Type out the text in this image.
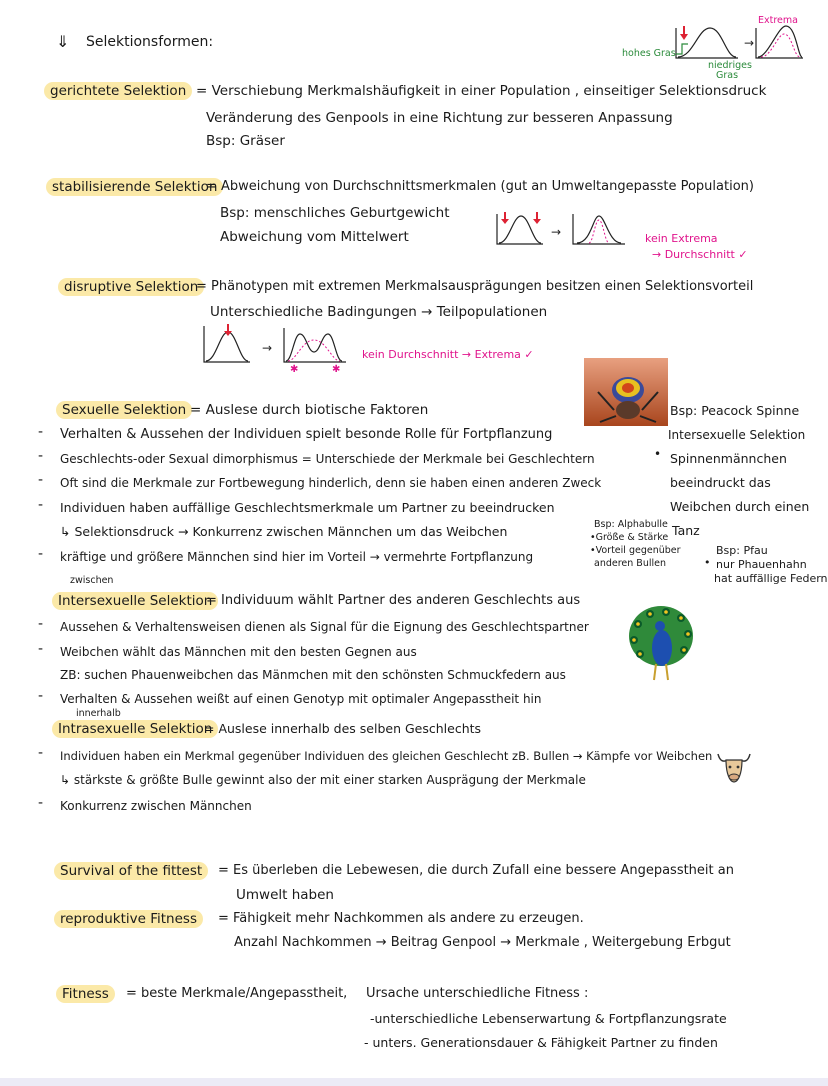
⇓ Selektionsformen:
hohes Gras
niedriges
Gras
Extrema
→
gerichtete Selektion = Verschiebung Merkmalshäufigkeit in einer Population , einseitiger Selektionsdruck
Veränderung des Genpools in eine Richtung zur besseren Anpassung
Bsp: Gräser
stabilisierende Selektion
= Abweichung von Durchschnittsmerkmalen (gut an Umweltangepasste Population)
Bsp: menschliches Geburtgewicht
Abweichung vom Mittelwert	→	kein Extrema
→ Durchschnitt ✓
disruptive Selektion
= Phänotypen mit extremen Merkmalsausprägungen besitzen einen Selektionsvorteil
Unterschiedliche Badingungen → Teilpopulationen
→
✱	✱
kein Durchschnitt → Extrema ✓
Sexuelle Selektion = Auslese durch biotische Faktoren
- Verhalten & Aussehen der Individuen spielt besonde Rolle für Fortpflanzung
- Geschlechts-oder Sexual dimorphismus = Unterschiede der Merkmale bei Geschlechtern
- Oft sind die Merkmale zur Fortbewegung hinderlich, denn sie haben einen anderen Zweck
- Individuen haben auffällige Geschlechtsmerkmale um Partner zu beeindrucken
↳ Selektionsdruck → Konkurrenz zwischen Männchen um das Weibchen
- kräftige und größere Männchen sind hier im Vorteil → vermehrte Fortpflanzung
Bsp: Peacock Spinne
Intersexuelle Selektion
• Spinnenmännchen
beeindruckt das
Weibchen durch einen
Tanz
Bsp: Alphabulle
•Größe & Stärke
•Vorteil gegenüber
anderen Bullen
Bsp: Pfau
• nur Phauenhahn
hat auffällige Federn
zwischen
Intersexuelle Selektion
= Individuum wählt Partner des anderen Geschlechts aus
- Aussehen & Verhaltensweisen dienen als Signal für die Eignung des Geschlechtspartner
- Weibchen wählt das Männchen mit den besten Gegnen aus
ZB: suchen Phauenweibchen das Mänmchen mit den schönsten Schmuckfedern aus
- Verhalten & Aussehen weißt auf einen Genotyp mit optimaler Angepasstheit hin
innerhalb
Intrasexuelle Selektion
= Auslese innerhalb des selben Geschlechts
- Individuen haben ein Merkmal gegenüber Individuen des gleichen Geschlecht zB. Bullen → Kämpfe vor Weibchen
↳ stärkste & größte Bulle gewinnt also der mit einer starken Ausprägung der Merkmale
- Konkurrenz zwischen Männchen
Survival of the fittest	= Es überleben die Lebewesen, die durch Zufall eine bessere Angepasstheit an
Umwelt haben
reproduktive Fitness	= Fähigkeit mehr Nachkommen als andere zu erzeugen.
Anzahl Nachkommen → Beitrag Genpool → Merkmale , Weitergebung Erbgut
Fitness	= beste Merkmale/Angepasstheit, Ursache unterschiedliche Fitness :
-unterschiedliche Lebenserwartung & Fortpflanzungsrate
- unters. Generationsdauer & Fähigkeit Partner zu finden
